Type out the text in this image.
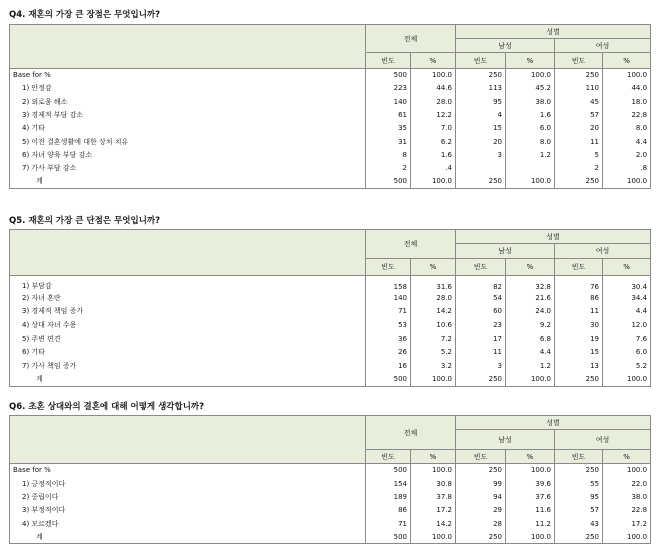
Q4. 재혼의 가장 큰 장점은 무엇입니까?
	전체		성별			
			남성		여성	
	빈도	%	빈도	%	빈도	%
Base for %	500	100.0	250	100.0	250	100.0
1) 안정감	223	44.6	113	45.2	110	44.0
2) 외로움 해소	140	28.0	95	38.0	45	18.0
3) 경제적 부담 감소	61	12.2	4	1.6	57	22.8
4) 기타	35	7.0	15	6.0	20	8.0
5) 이전 결혼생활에 대한 상처 치유	31	6.2	20	8.0	11	4.4
6) 자녀 양육 부담 감소	8	1.6	3	1.2	5	2.0
7) 가사 부담 감소	2	.4			2	.8
계	500	100.0	250	100.0	250	100.0
Q5. 재혼의 가장 큰 단점은 무엇입니까?
	전체		성별			
			남성		여성	
	빈도	%	빈도	%	빈도	%
1) 부담감	158	31.6	82	32.8	76	30.4
2) 자녀 혼란	140	28.0	54	21.6	86	34.4
3) 경제적 책임 증가	71	14.2	60	24.0	11	4.4
4) 상대 자녀 수용	53	10.6	23	9.2	30	12.0
5) 주변 편견	36	7.2	17	6.8	19	7.6
6) 기타	26	5.2	11	4.4	15	6.0
7) 가사 책임 증가	16	3.2	3	1.2	13	5.2
계	500	100.0	250	100.0	250	100.0
Q6. 초혼 상대와의 결혼에 대해 어떻게 생각합니까?
	전체		성별			
			남성		여성	
	빈도	%	빈도	%	빈도	%
Base for %	500	100.0	250	100.0	250	100.0
1) 긍정적이다	154	30.8	99	39.6	55	22.0
2) 중립이다	189	37.8	94	37.6	95	38.0
3) 부정적이다	86	17.2	29	11.6	57	22.8
4) 모르겠다	71	14.2	28	11.2	43	17.2
계	500	100.0	250	100.0	250	100.0
